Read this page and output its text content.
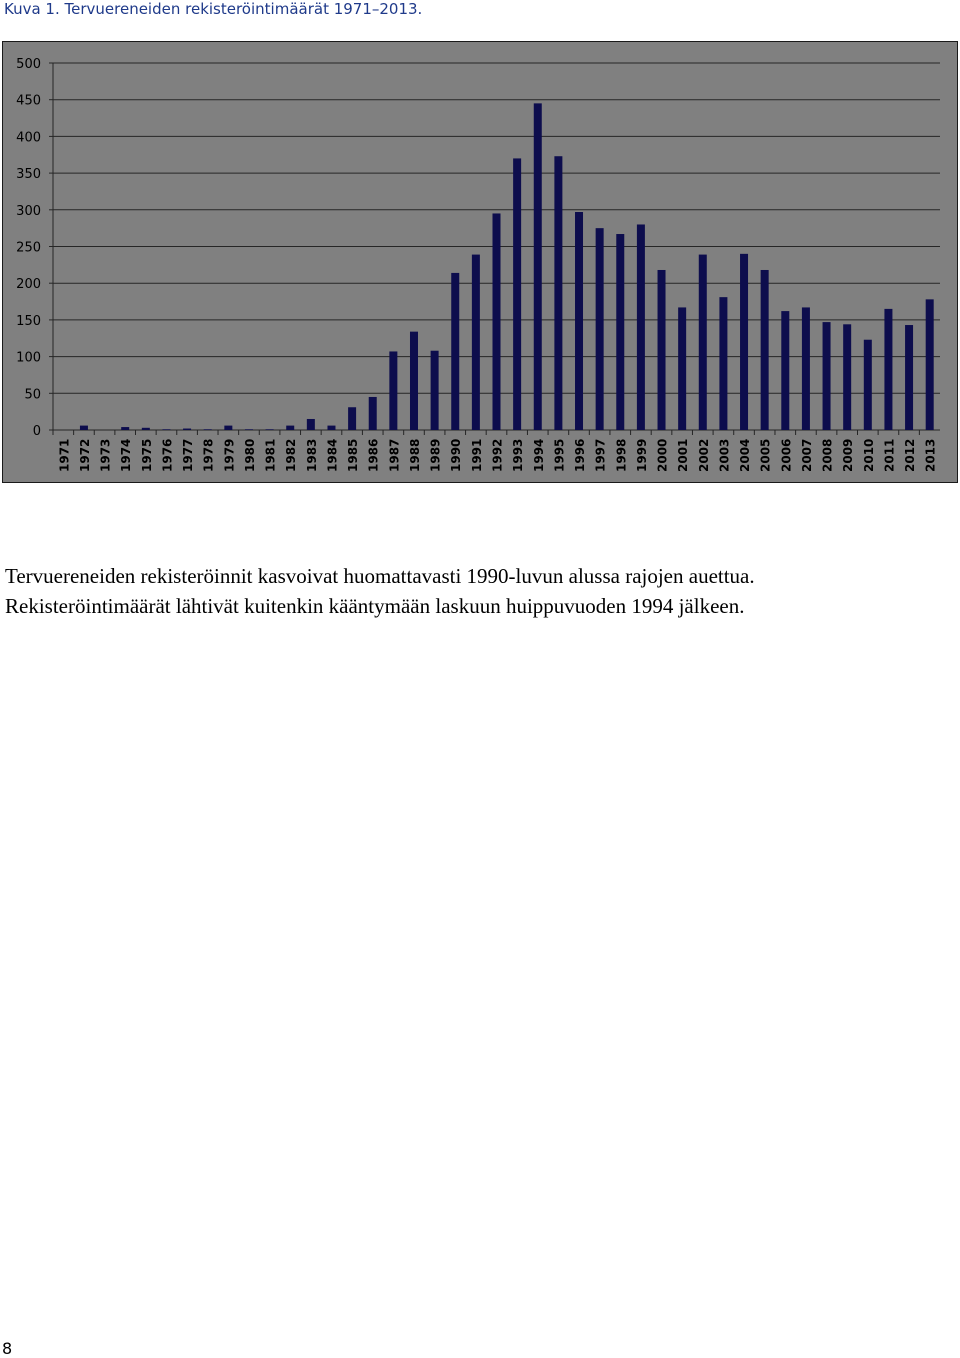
Kuva 1. Tervuereneiden rekisteröintimäärät 1971–2013.
0
50
100
150
200
250
300
350
400
450
500
1971 1972 1973 1974 1975 1976 1977 1978 1979 1980 1981 1982 1983 1984 1985 1986 1987 1988 1989 1990 1991 1992 1993 1994 1995 1996 1997 1998 1999 2000 2001 2002 2003 2004 2005 2006 2007 2008 2009 2010 2011 2012 2013

Tervuereneiden rekisteröinnit kasvoivat huomattavasti 1990-luvun alussa rajojen auettua.

Rekisteröintimäärät lähtivät kuitenkin kääntymään laskuun huippuvuoden 1994 jälkeen.

8
